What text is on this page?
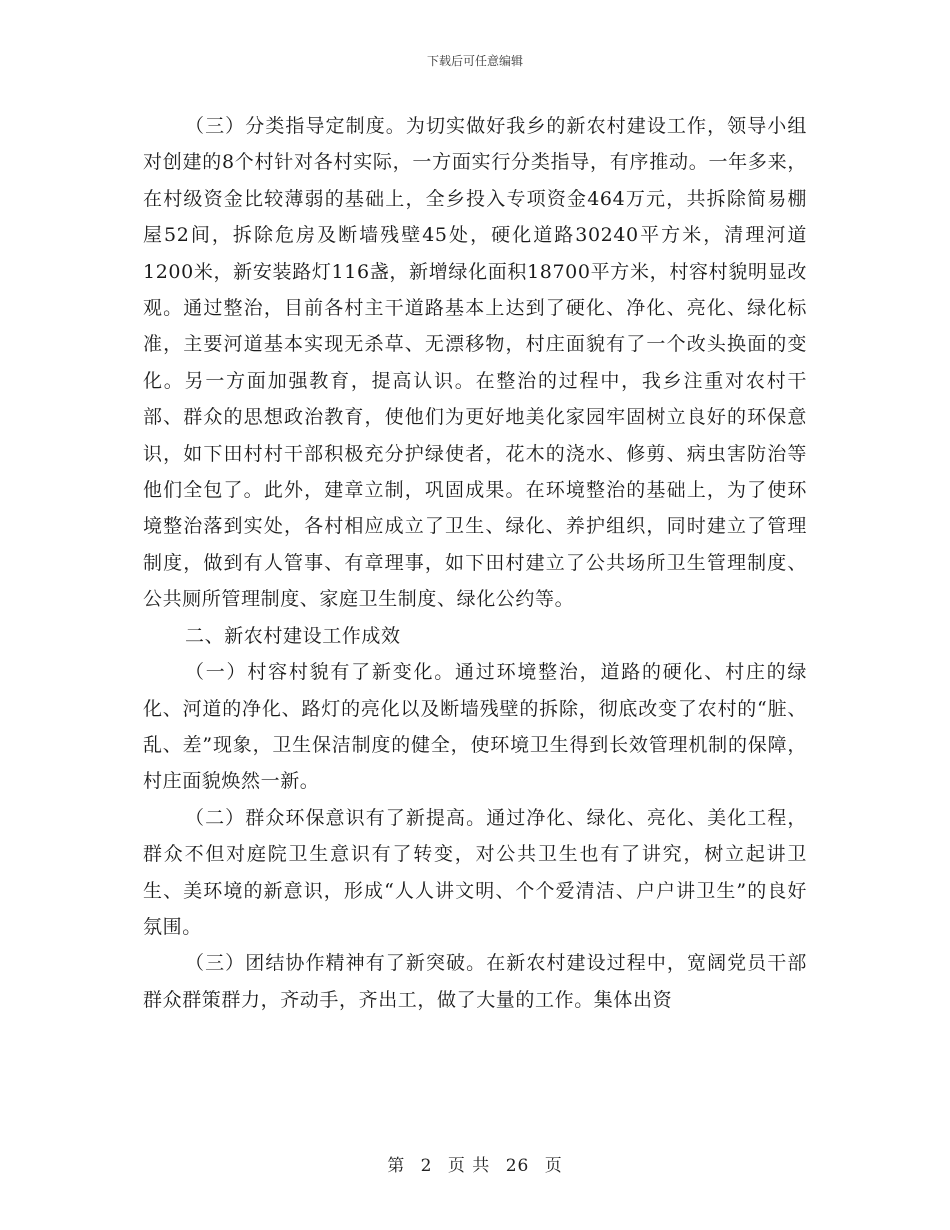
下载后可任意编辑

（三）分类指导定制度。为切实做好我乡的新农村建设工作，领导小组对创建的8个村针对各村实际，一方面实行分类指导，有序推动。一年多来，在村级资金比较薄弱的基础上，全乡投入专项资金464万元，共拆除简易棚屋52间，拆除危房及断墙残壁45处，硬化道路30240平方米，清理河道1200米，新安装路灯116盏，新增绿化面积18700平方米，村容村貌明显改观。通过整治，目前各村主干道路基本上达到了硬化、净化、亮化、绿化标准，主要河道基本实现无杀草、无漂移物，村庄面貌有了一个改头换面的变化。另一方面加强教育，提高认识。在整治的过程中，我乡注重对农村干部、群众的思想政治教育，使他们为更好地美化家园牢固树立良好的环保意识，如下田村村干部积极充分护绿使者，花木的浇水、修剪、病虫害防治等他们全包了。此外，建章立制，巩固成果。在环境整治的基础上，为了使环境整治落到实处，各村相应成立了卫生、绿化、养护组织，同时建立了管理制度，做到有人管事、有章理事，如下田村建立了公共场所卫生管理制度、公共厕所管理制度、家庭卫生制度、绿化公约等。

二、新农村建设工作成效

（一）村容村貌有了新变化。通过环境整治，道路的硬化、村庄的绿化、河道的净化、路灯的亮化以及断墙残壁的拆除，彻底改变了农村的“脏、乱、差”现象，卫生保洁制度的健全，使环境卫生得到长效管理机制的保障，村庄面貌焕然一新。

（二）群众环保意识有了新提高。通过净化、绿化、亮化、美化工程，群众不但对庭院卫生意识有了转变，对公共卫生也有了讲究，树立起讲卫生、美环境的新意识，形成“人人讲文明、个个爱清洁、户户讲卫生”的良好氛围。

（三）团结协作精神有了新突破。在新农村建设过程中，宽阔党员干部群众群策群力，齐动手，齐出工，做了大量的工作。集体出资

第 2 页 共 26 页
